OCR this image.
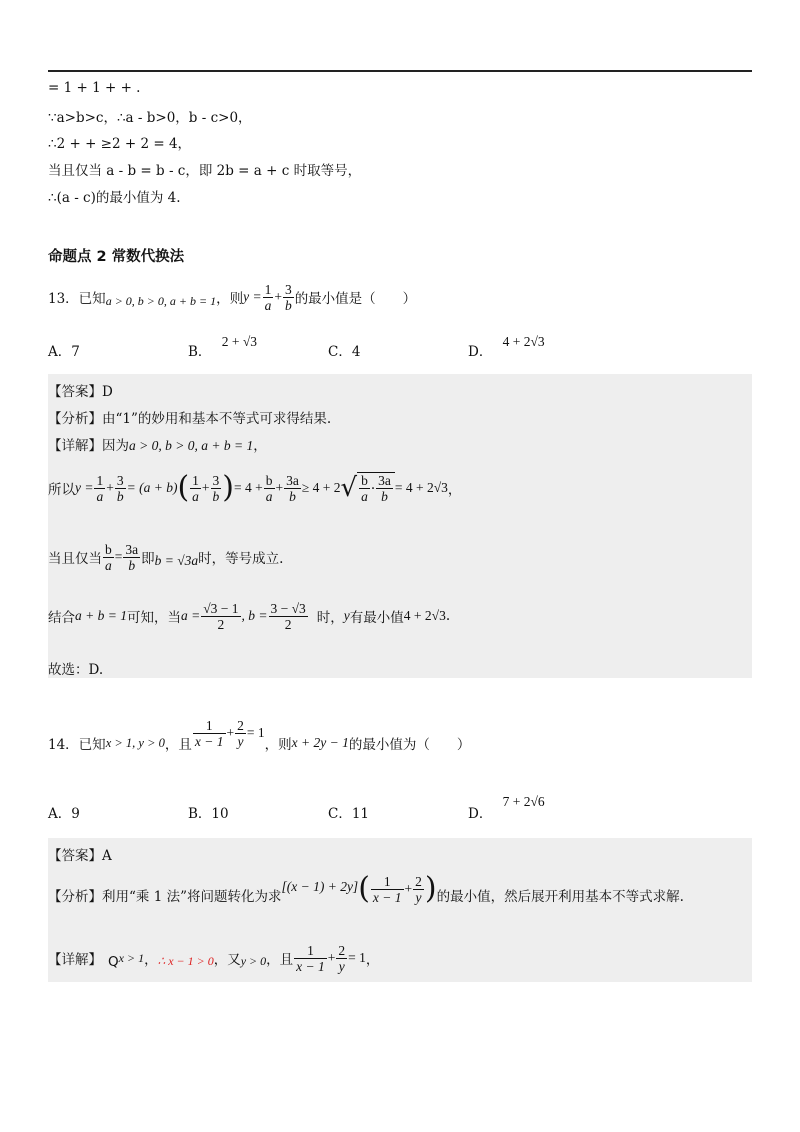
= 1 + 1 + + .
∵a>b>c，∴a - b>0，b - c>0，
∴2 + + ≥2 + 2 = 4，
当且仅当 a - b = b - c，即 2b = a + c 时取等号，
∴(a - c)的最小值为 4.
命题点 2 常数代换法
13．已知 a > 0, b > 0, a + b = 1 ，则 $y = \frac{1}{a} + \frac{3}{b}$ 的最小值是（　　）
A．7	B． 2 + √3
C．4	D． 4 + 2√3
【答案】D
【分析】由“1”的妙用和基本不等式可求得结果.
【详解】因为a > 0, b > 0, a + b = 1，
所以 $y = \frac{1}{a} + \frac{3}{b} = (a + b)$ ( $\frac{1}{a} + \frac{3}{b}$ ) = $4 + \frac{b}{a} + \frac{3a}{b} \ge 4 + 2$ √ $\frac{b}{a} \cdot \frac{3a}{b} = 4 + 2√3$ ，
当且仅当 $\frac{b}{a} = \frac{3a}{b}$ 即 b = √3a 时，等号成立.
结合 a + b = 1 可知，当 $a = \frac{√3 - 1}{2}$ , $b = \frac{3 - √3}{2}$ 时， y 有最小值 4 + 2√3 .
故选：D.
14．已知 x > 1, y > 0 ，且 $\frac{1}{x - 1} + \frac{2}{y} = 1$
，则 x + 2y − 1 的最小值为（　　）
A．9	B．10	C．11	D． 7 + 2√6
【答案】A
【分析】利用“乘 1 法”将问题转化为求
[(x − 1) + 2y] ( $\frac{1}{x - 1} + \frac{2}{y}$ ) 的最小值，然后展开利用基本不等式求解.
【详解】 Q x > 1 ， ∴ x − 1 > 0 ，又 y > 0 ，且 $\frac{1}{x - 1} + \frac{2}{y} = 1$ ，
